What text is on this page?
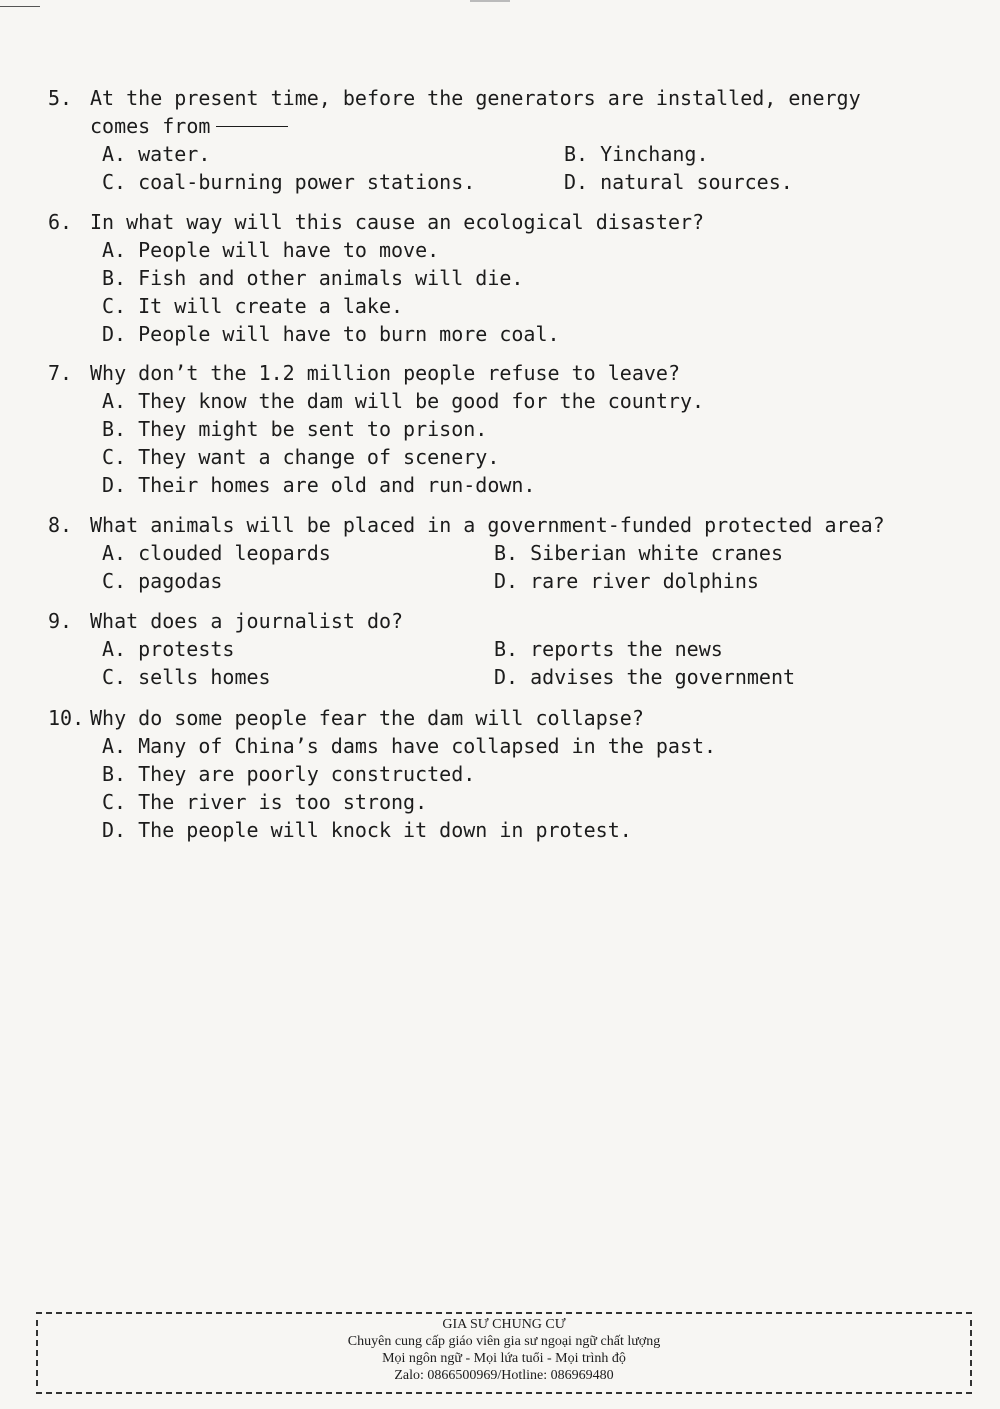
5. At the present time, before the generators are installed, energy comes from
A. water.	B. Yinchang.
C. coal-burning power stations.	D. natural sources.
6. In what way will this cause an ecological disaster?
A. People will have to move.
B. Fish and other animals will die.
C. It will create a lake.
D. People will have to burn more coal.
7. Why don’t the 1.2 million people refuse to leave?
A. They know the dam will be good for the country.
B. They might be sent to prison.
C. They want a change of scenery.
D. Their homes are old and run-down.
8. What animals will be placed in a government-funded protected area?
A. clouded leopards	B. Siberian white cranes
C. pagodas	D. rare river dolphins
9. What does a journalist do?
A. protests	B. reports the news
C. sells homes	D. advises the government
10. Why do some people fear the dam will collapse?
A. Many of China’s dams have collapsed in the past.
B. They are poorly constructed.
C. The river is too strong.
D. The people will knock it down in protest.
GIA SƯ CHUNG CƯ
Chuyên cung cấp giáo viên gia sư ngoại ngữ chất lượng
Mọi ngôn ngữ - Mọi lứa tuổi - Mọi trình độ
Zalo: 0866500969/Hotline: 086969480
